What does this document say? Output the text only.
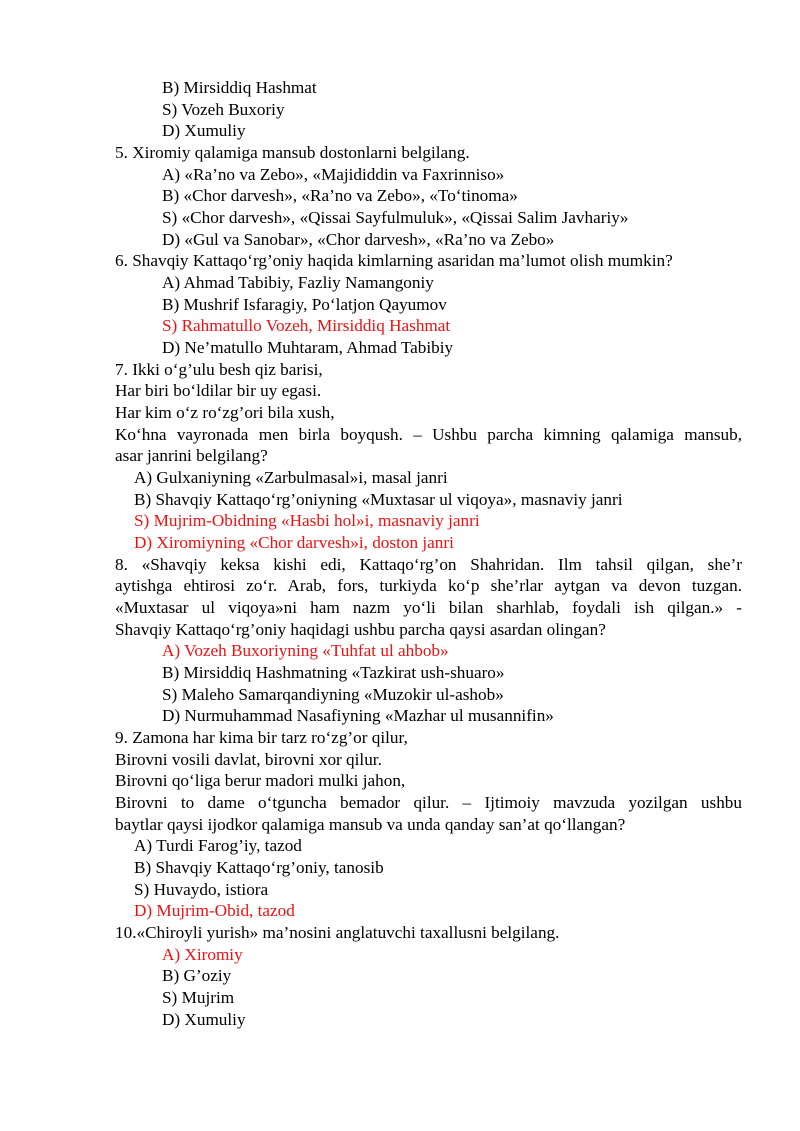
B) Mirsiddiq Hashmat
S) Vozeh Buxoriy
D) Xumuliy
5. Xiromiy qalamiga mansub dostonlarni belgilang.
A) «Ra’no va Zebo», «Majididdin va Faxrinniso»
B) «Chor darvesh», «Ra’no va Zebo», «To‘tinoma»
S) «Chor darvesh», «Qissai Sayfulmuluk», «Qissai Salim Javhariy»
D) «Gul va Sanobar», «Chor darvesh», «Ra’no va Zebo»
6. Shavqiy Kattaqo‘rg’oniy haqida kimlarning asaridan ma’lumot olish mumkin?
A) Ahmad Tabibiy, Fazliy Namangoniy
B) Mushrif Isfaragiy, Po‘latjon Qayumov
S) Rahmatullo Vozeh, Mirsiddiq Hashmat
D) Ne’matullo Muhtaram, Ahmad Tabibiy
7. Ikki o‘g’ulu besh qiz barisi,
Har biri bo‘ldilar bir uy egasi.
Har kim o‘z ro‘zg’ori bila xush,
Ko‘hna vayronada men birla boyqush. – Ushbu parcha kimning qalamiga mansub,
asar janrini belgilang?
A) Gulxaniyning «Zarbulmasal»i, masal janri
B) Shavqiy Kattaqo‘rg’oniyning «Muxtasar ul viqoya», masnaviy janri
S) Mujrim-Obidning «Hasbi hol»i, masnaviy janri
D) Xiromiyning «Chor darvesh»i, doston janri
8. «Shavqiy keksa kishi edi, Kattaqo‘rg’on Shahridan. Ilm tahsil qilgan, she’r
aytishga ehtirosi zo‘r. Arab, fors, turkiyda ko‘p she’rlar aytgan va devon tuzgan.
«Muxtasar ul viqoya»ni ham nazm yo‘li bilan sharhlab, foydali ish qilgan.» -
Shavqiy Kattaqo‘rg’oniy haqidagi ushbu parcha qaysi asardan olingan?
A) Vozeh Buxoriyning «Tuhfat ul ahbob»
B) Mirsiddiq Hashmatning «Tazkirat ush-shuaro»
S) Maleho Samarqandiyning «Muzokir ul-ashob»
D) Nurmuhammad Nasafiyning «Mazhar ul musannifin»
9. Zamona har kima bir tarz ro‘zg’or qilur,
Birovni vosili davlat, birovni xor qilur.
Birovni qo‘liga berur madori mulki jahon,
Birovni to dame o‘tguncha bemador qilur. – Ijtimoiy mavzuda yozilgan ushbu
baytlar qaysi ijodkor qalamiga mansub va unda qanday san’at qo‘llangan?
A) Turdi Farog’iy, tazod
B) Shavqiy Kattaqo‘rg’oniy, tanosib
S) Huvaydo, istiora
D) Mujrim-Obid, tazod
10.«Chiroyli yurish» ma’nosini anglatuvchi taxallusni belgilang.
A) Xiromiy
B) G’oziy
S) Mujrim
D) Xumuliy
